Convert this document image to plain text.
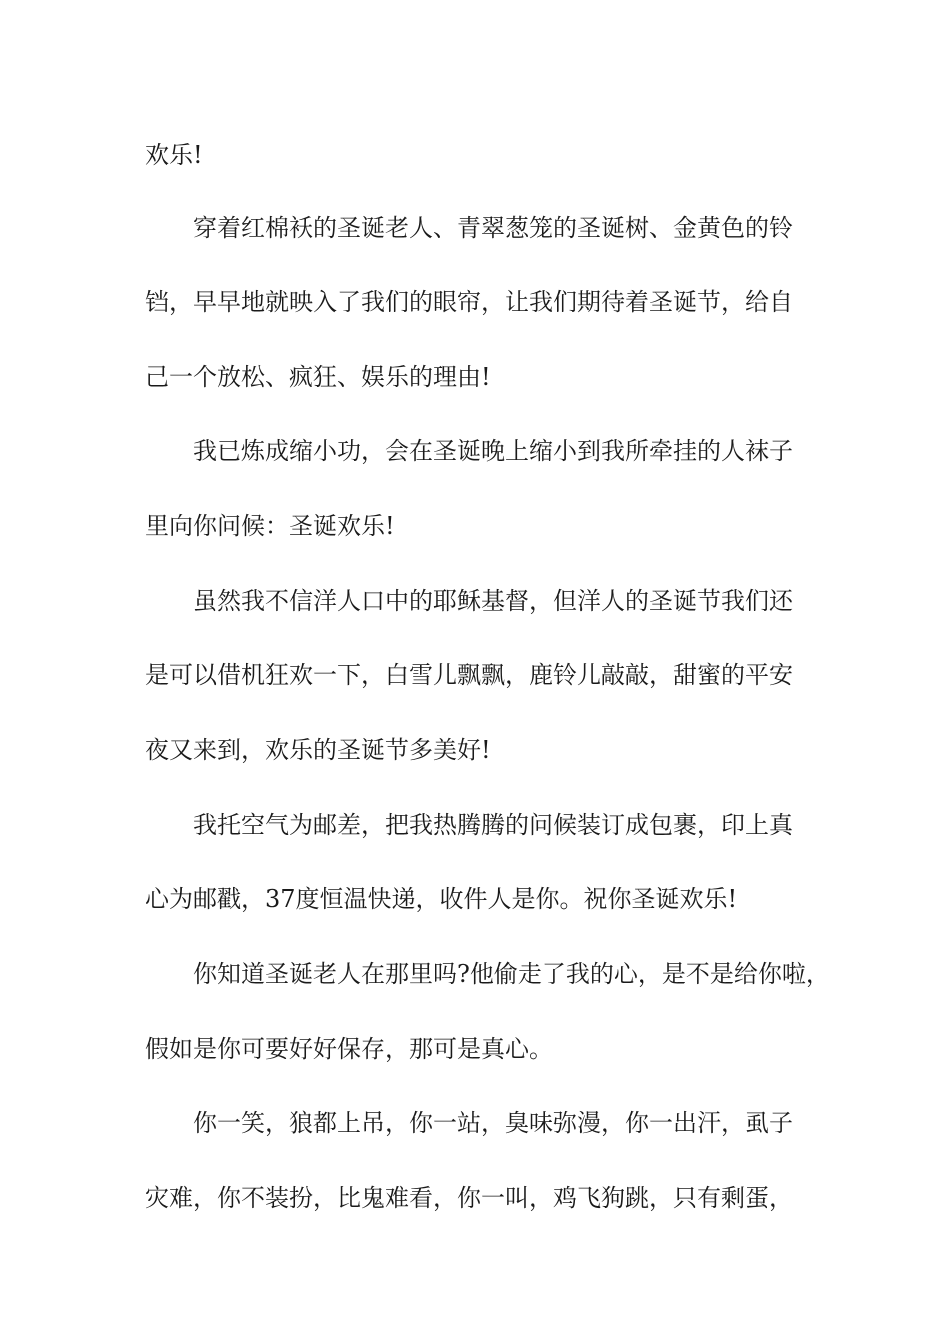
欢乐!
穿着红棉袄的圣诞老人、青翠葱笼的圣诞树、金黄色的铃
铛，早早地就映入了我们的眼帘，让我们期待着圣诞节，给自
己一个放松、疯狂、娱乐的理由!
我已炼成缩小功，会在圣诞晚上缩小到我所牵挂的人袜子
里向你问候：圣诞欢乐!
虽然我不信洋人口中的耶稣基督，但洋人的圣诞节我们还
是可以借机狂欢一下，白雪儿飘飘，鹿铃儿敲敲，甜蜜的平安
夜又来到，欢乐的圣诞节多美好!
我托空气为邮差，把我热腾腾的问候装订成包裹，印上真
心为邮戳，37度恒温快递，收件人是你。祝你圣诞欢乐!
你知道圣诞老人在那里吗?他偷走了我的心，是不是给你啦，
假如是你可要好好保存，那可是真心。
你一笑，狼都上吊，你一站，臭味弥漫，你一出汗，虱子
灾难，你不装扮，比鬼难看，你一叫，鸡飞狗跳，只有剩蛋，
